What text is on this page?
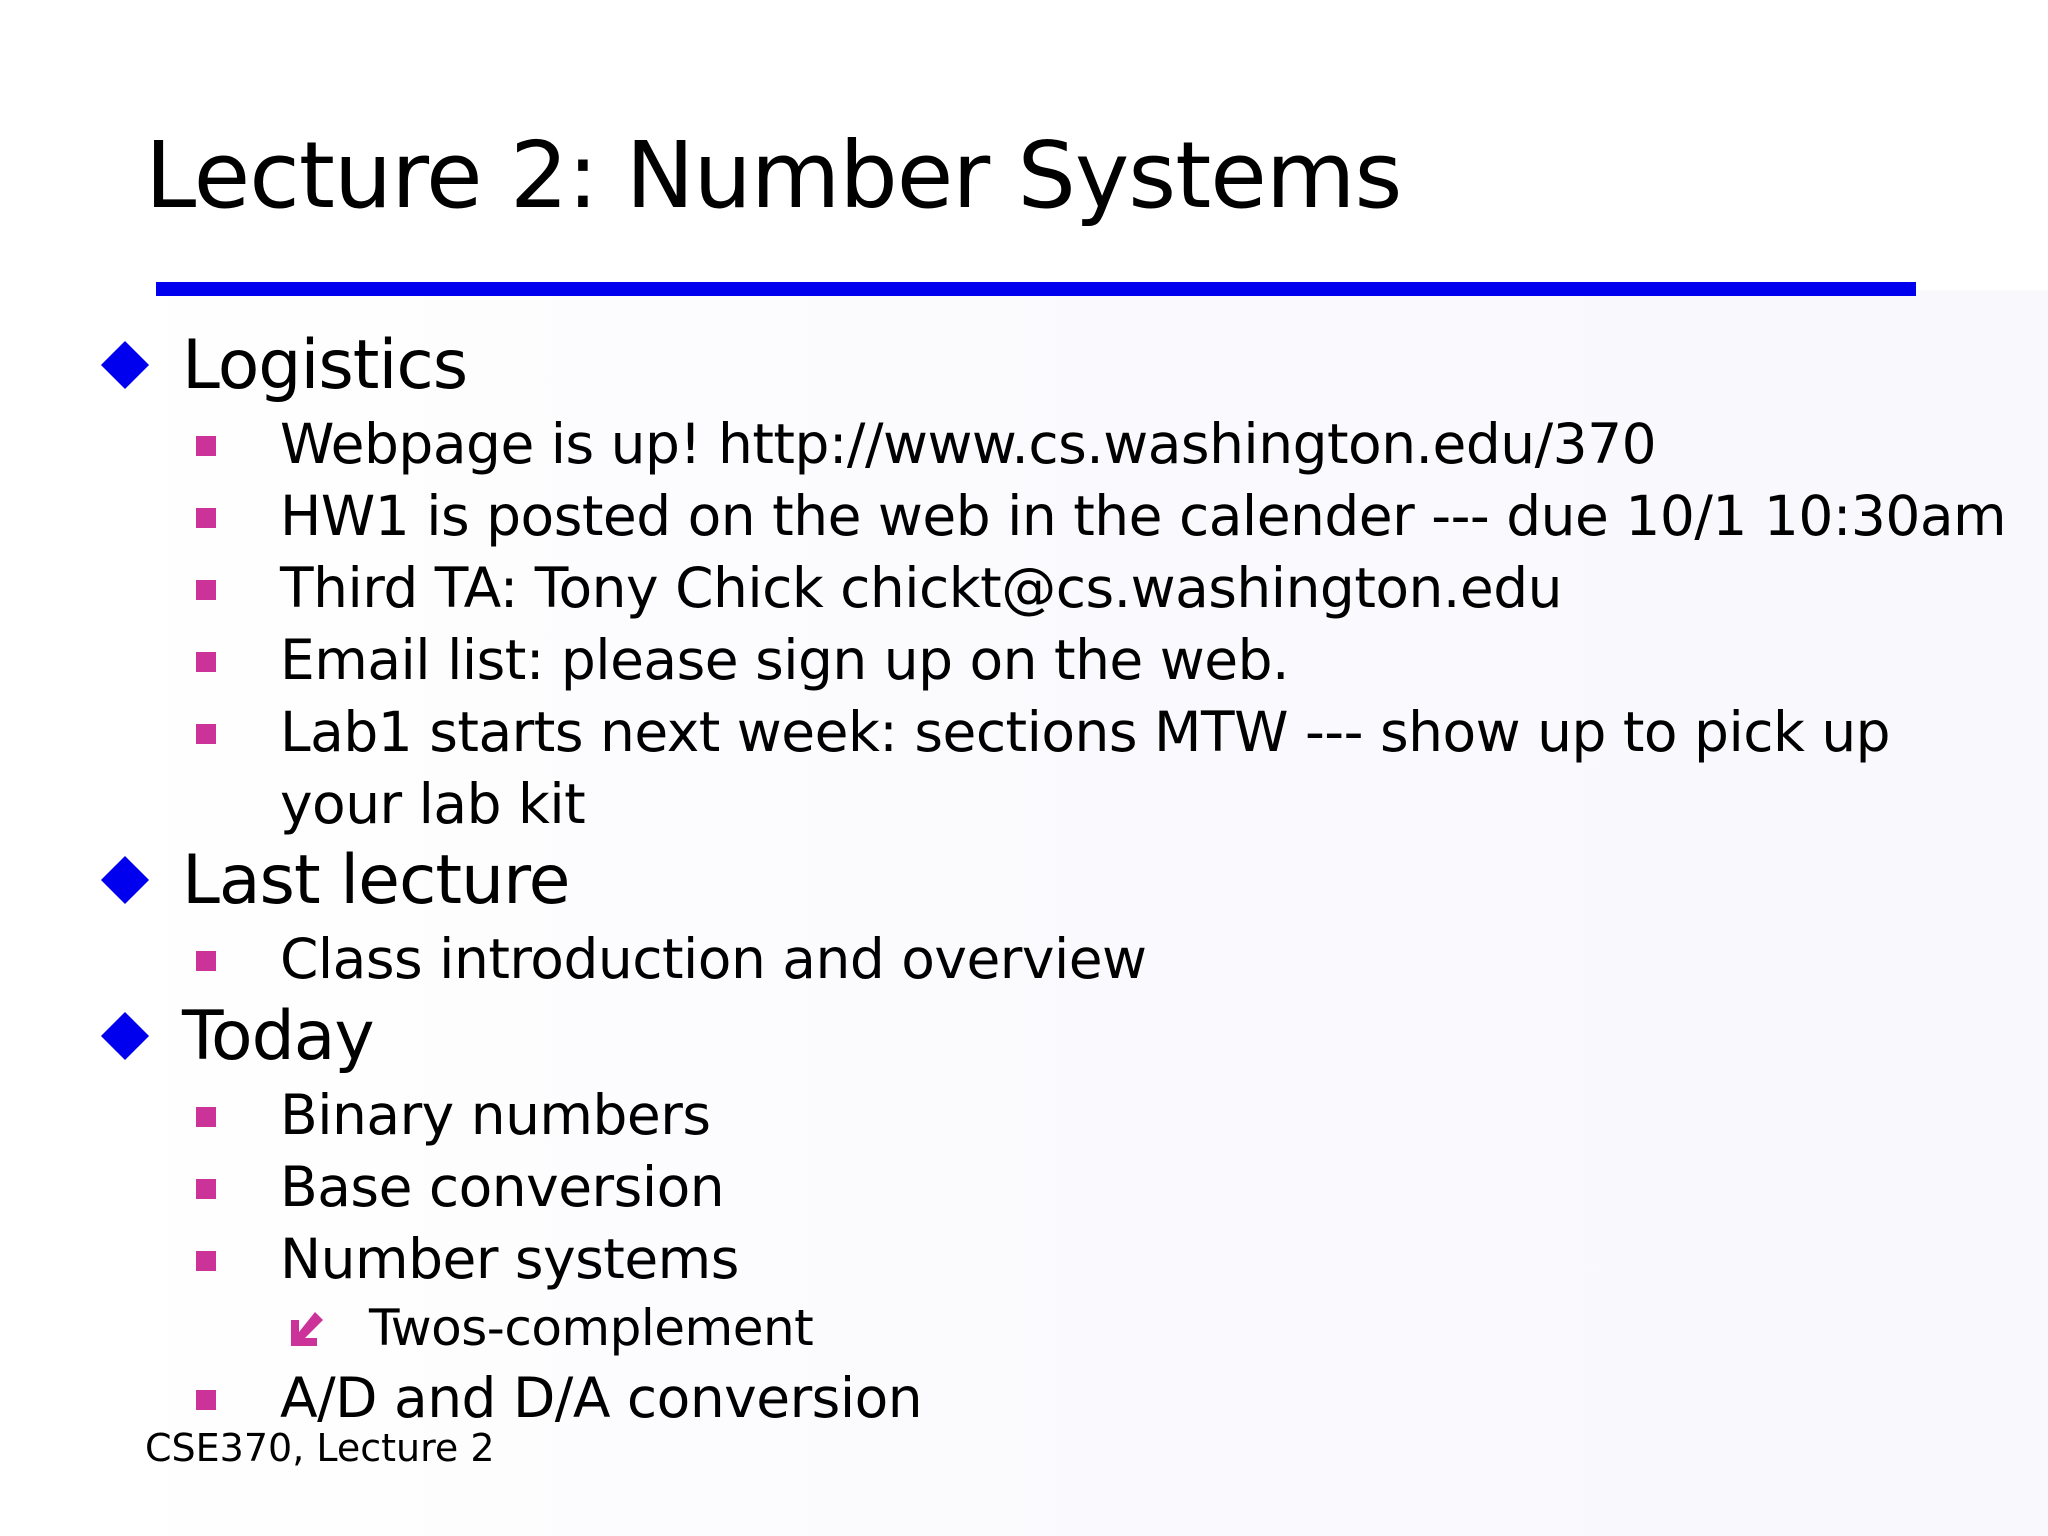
Lecture 2: Number Systems
Logistics
Webpage is up! http://www.cs.washington.edu/370
HW1 is posted on the web in the calender --- due 10/1 10:30am
Third TA: Tony Chick chickt@cs.washington.edu
Email list: please sign up on the web.
Lab1 starts next week: sections MTW --- show up to pick up
your lab kit
Last lecture
Class introduction and overview
Today
Binary numbers
Base conversion
Number systems
Twos-complement
A/D and D/A conversion
CSE370, Lecture 2
